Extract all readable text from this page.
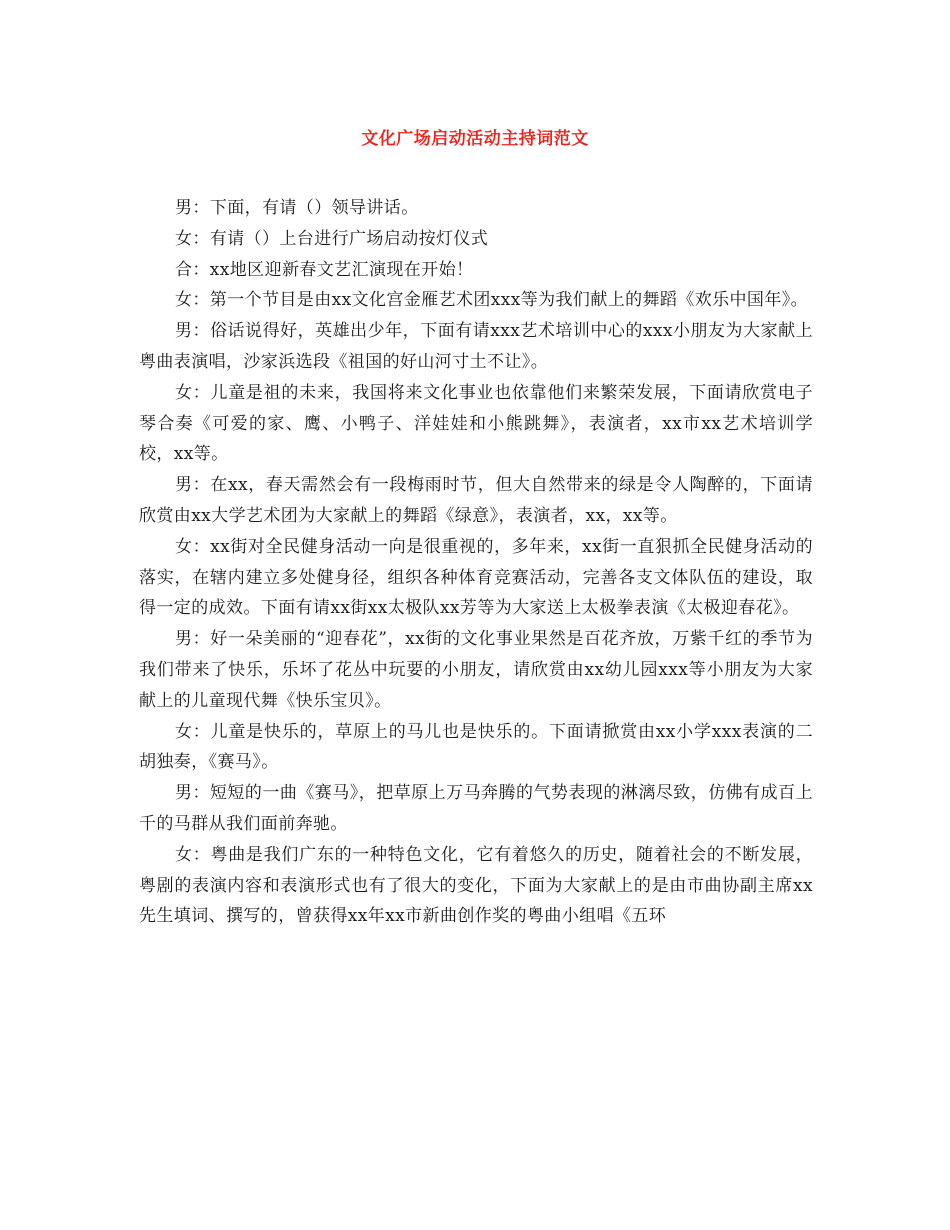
文化广场启动活动主持词范文

男：下面，有请（）领导讲话。

女：有请（）上台进行广场启动按灯仪式

合：xx地区迎新春文艺汇演现在开始！

女：第一个节目是由xx文化宫金雁艺术团xxx等为我们献上的舞蹈《欢乐中国年》。

男：俗话说得好，英雄出少年，下面有请xxx艺术培训中心的xxx小朋友为大家献上粤曲表演唱，沙家浜选段《祖国的好山河寸土不让》。

女：儿童是祖的未来，我国将来文化事业也依靠他们来繁荣发展，下面请欣赏电子琴合奏《可爱的家、鹰、小鸭子、洋娃娃和小熊跳舞》，表演者，xx市xx艺术培训学校，xx等。

男：在xx，春天需然会有一段梅雨时节，但大自然带来的绿是令人陶醉的，下面请欣赏由xx大学艺术团为大家献上的舞蹈《绿意》，表演者，xx，xx等。

女：xx街对全民健身活动一向是很重视的，多年来，xx街一直狠抓全民健身活动的落实，在辖内建立多处健身径，组织各种体育竞赛活动，完善各支文体队伍的建设，取得一定的成效。下面有请xx街xx太极队xx芳等为大家送上太极拳表演《太极迎春花》。

男：好一朵美丽的“迎春花”，xx街的文化事业果然是百花齐放，万紫千红的季节为我们带来了快乐，乐坏了花丛中玩要的小朋友，请欣赏由xx幼儿园xxx等小朋友为大家献上的儿童现代舞《快乐宝贝》。

女：儿童是快乐的，草原上的马儿也是快乐的。下面请掀赏由xx小学xxx表演的二胡独奏，《赛马》。

男：短短的一曲《赛马》，把草原上万马奔腾的气势表现的淋漓尽致，仿佛有成百上千的马群从我们面前奔驰。

女：粤曲是我们广东的一种特色文化，它有着悠久的历史，随着社会的不断发展，粤剧的表演内容和表演形式也有了很大的变化，下面为大家献上的是由市曲协副主席xx先生填词、撰写的，曾获得xx年xx市新曲创作奖的粤曲小组唱《五环
